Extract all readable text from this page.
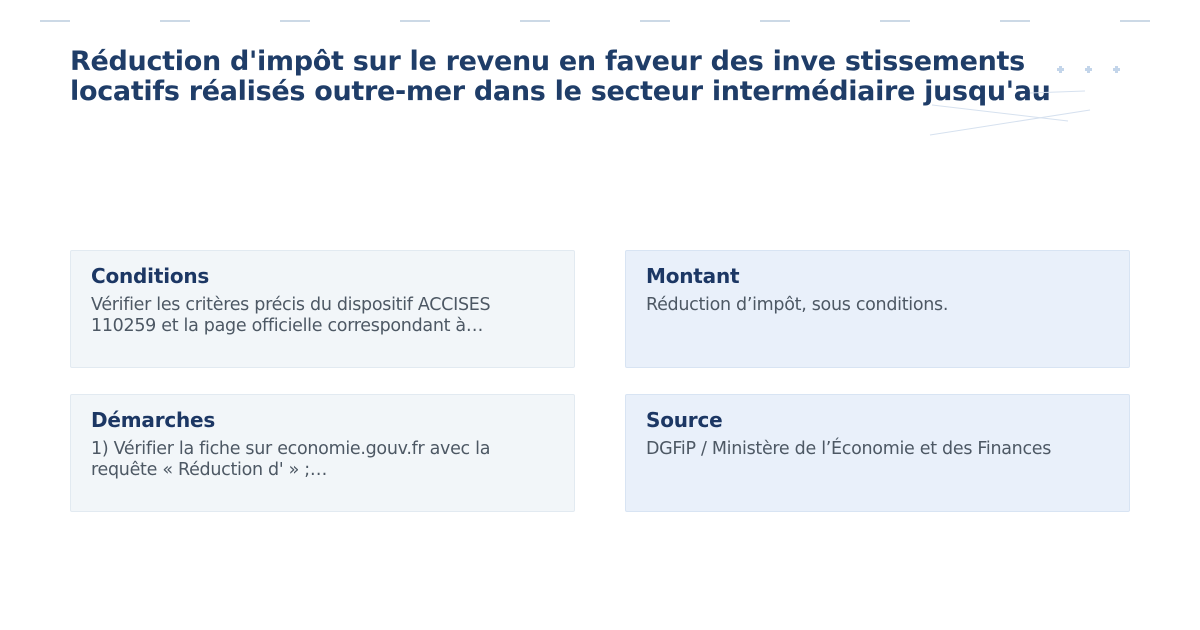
Réduction d'impôt sur le revenu en faveur des inve stissements
locatifs réalisés outre-mer dans le secteur intermédiaire jusqu'au
Conditions

Vérifier les critères précis du dispositif ACCISES 110259 et la page officielle correspondant à…

Montant

Réduction d’impôt, sous conditions.

Démarches

1) Vérifier la fiche sur economie.gouv.fr avec la requête « Réduction d' » ;…

Source

DGFiP / Ministère de l’Économie et des Finances
